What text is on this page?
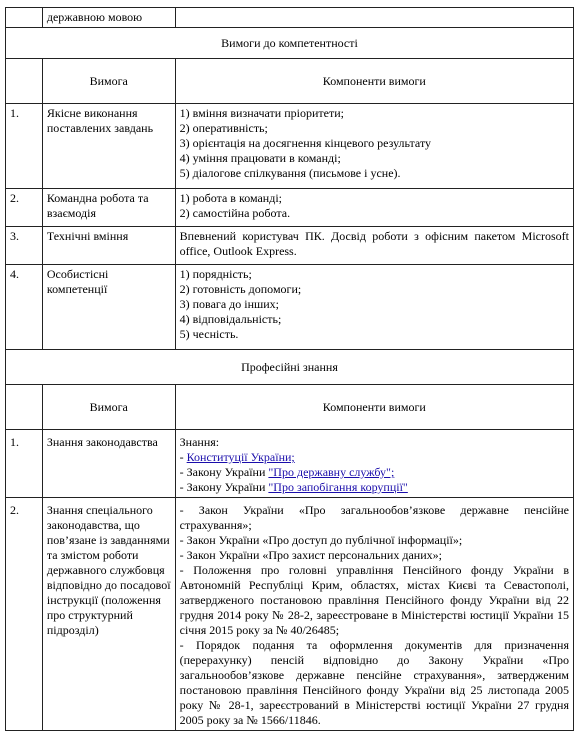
	державною мовою	
Вимоги до компетентності		
	Вимога	Компоненти вимоги
1.	Якісне виконання поставлених завдань	1) вміння визначати пріоритети;
2) оперативність;
3) орієнтація на досягнення кінцевого результату
4) уміння працювати в команді;
5) діалогове спілкування (письмове і усне).

2.	Командна робота та взаємодія	1) робота в команді;
2) самостійна робота.

3.	Технічні вміння	Впевнений користувач ПК. Досвід роботи з офісним пакетом Microsoft office, Outlook Express.
4.	Особистісні компетенції	1) порядність;
2) готовність допомоги;
3) повага до інших;
4) відповідальність;
5) чесність.

Професійні знання		
	Вимога	Компоненти вимоги
1.	Знання законодавства	Знання:
- Конституції України;
- Закону України "Про державну службу";
- Закону України "Про запобігання корупції"

2.	Знання спеціального законодавства, що пов’язане із завданнями та змістом роботи державного службовця відповідно до посадової інструкції (положення про структурний підрозділ)	- Закон України «Про загальнообов’язкове державне пенсійне страхування»;
- Закон України «Про доступ до публічної інформації»;
- Закон України «Про захист персональних даних»;
- Положення про головні управління Пенсійного фонду України в Автономній Республіці Крим, областях, містах Києві та Севастополі, затвердженого постановою правління Пенсійного фонду України від 22 грудня 2014 року № 28-2, зареєстроване в Міністерстві юстиції України 15 січня 2015 року за № 40/26485;
- Порядок подання та оформлення документів для призначення (перерахунку) пенсій відповідно до Закону України «Про загальнообов’язкове державне пенсійне страхування», затвердженим постановою правління Пенсійного фонду України від 25 листопада 2005 року № 28-1, зареєстрований в Міністерстві юстиції України 27 грудня 2005 року за № 1566/11846.
